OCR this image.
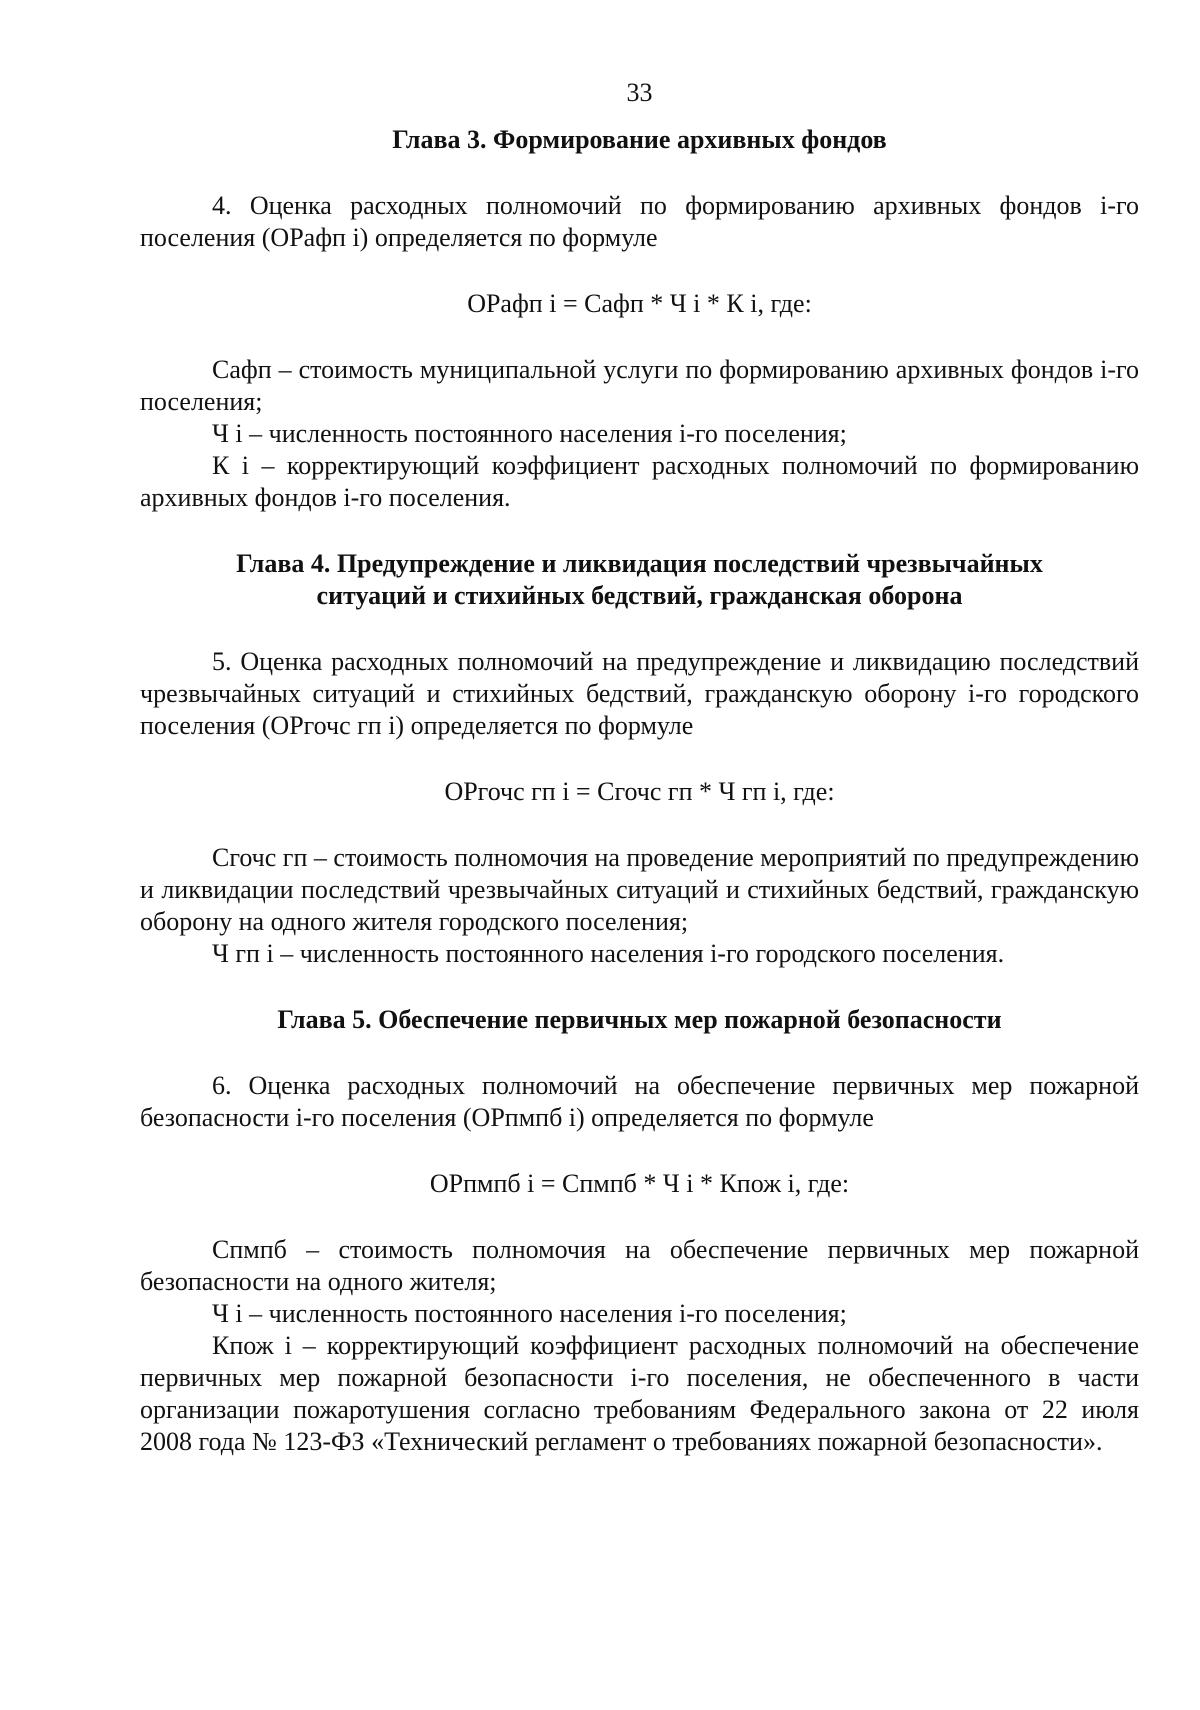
33
Глава 3. Формирование архивных фондов

4. Оценка расходных полномочий по формированию архивных фондов i-го поселения (ОРафп i) определяется по формуле

ОРафп i = Сафп * Ч i * К i, где:

Сафп – стоимость муниципальной услуги по формированию архивных фондов i-го поселения;

Ч i – численность постоянного населения i-го поселения;

К i – корректирующий коэффициент расходных полномочий по формированию архивных фондов i-го поселения.

Глава 4. Предупреждение и ликвидация последствий чрезвычайных
ситуаций и стихийных бедствий, гражданская оборона

5. Оценка расходных полномочий на предупреждение и ликвидацию последствий чрезвычайных ситуаций и стихийных бедствий, гражданскую оборону i-го городского поселения (ОРгочс гп i) определяется по формуле

ОРгочс гп i = Сгочс гп * Ч гп i, где:

Сгочс гп – стоимость полномочия на проведение мероприятий по предупреждению и ликвидации последствий чрезвычайных ситуаций и стихийных бедствий, гражданскую оборону на одного жителя городского поселения;

Ч гп i – численность постоянного населения i-го городского поселения.

Глава 5. Обеспечение первичных мер пожарной безопасности

6. Оценка расходных полномочий на обеспечение первичных мер пожарной безопасности i-го поселения (ОРпмпб i) определяется по формуле

ОРпмпб i = Спмпб * Ч i * Кпож i, где:

Спмпб – стоимость полномочия на обеспечение первичных мер пожарной безопасности на одного жителя;

Ч i – численность постоянного населения i-го поселения;

Кпож i – корректирующий коэффициент расходных полномочий на обеспечение первичных мер пожарной безопасности i-го поселения, не обеспеченного в части организации пожаротушения согласно требованиям Федерального закона от 22 июля 2008 года № 123-ФЗ «Технический регламент о требованиях пожарной безопасности».
